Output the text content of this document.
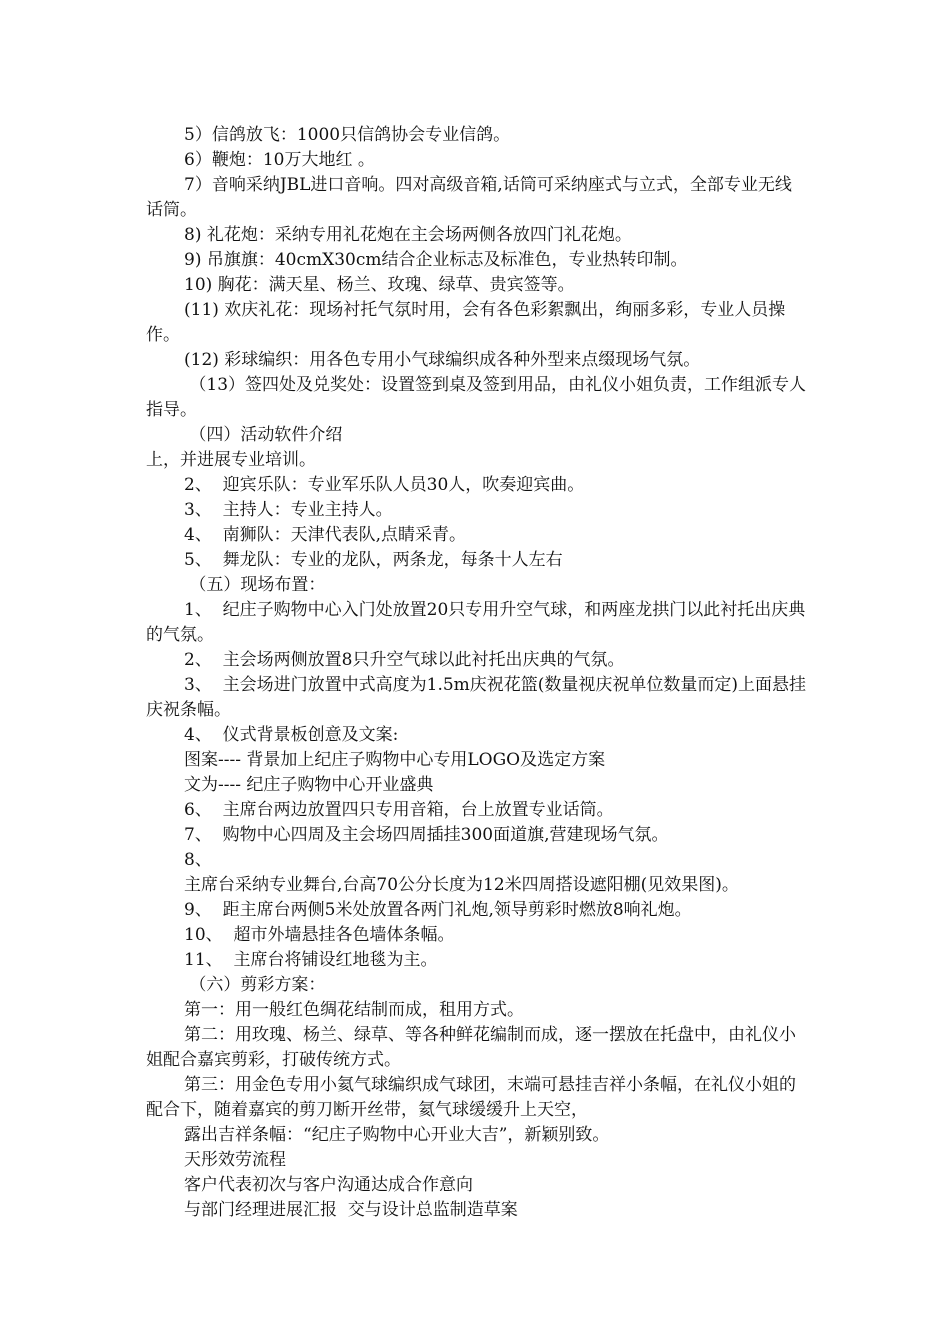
5）信鸽放飞：1000只信鸽协会专业信鸽。

6）鞭炮：10万大地红 。

7）音响采纳JBL进口音响。四对高级音箱,话筒可采纳座式与立式，全部专业无线话筒。

8) 礼花炮：采纳专用礼花炮在主会场两侧各放四门礼花炮。

9) 吊旗旗：40cmX30cm结合企业标志及标准色，专业热转印制。

10) 胸花：满天星、杨兰、玫瑰、绿草、贵宾签等。

(11) 欢庆礼花：现场衬托气氛时用，会有各色彩絮飘出，绚丽多彩，专业人员操作。

(12) 彩球编织：用各色专用小气球编织成各种外型来点缀现场气氛。

（13）签四处及兑奖处：设置签到桌及签到用品，由礼仪小姐负责，工作组派专人指导。

（四）活动软件介绍

上，并进展专业培训。

2、  迎宾乐队：专业军乐队人员30人，吹奏迎宾曲。

3、  主持人：专业主持人。

4、  南狮队：天津代表队,点睛采青。

5、  舞龙队：专业的龙队，两条龙，每条十人左右

（五）现场布置：

1、  纪庄子购物中心入门处放置20只专用升空气球，和两座龙拱门以此衬托出庆典的气氛。

2、  主会场两侧放置8只升空气球以此衬托出庆典的气氛。

3、  主会场进门放置中式高度为1.5m庆祝花篮(数量视庆祝单位数量而定)上面悬挂庆祝条幅。

4、  仪式背景板创意及文案:

图案---- 背景加上纪庄子购物中心专用LOGO及选定方案

文为---- 纪庄子购物中心开业盛典

6、  主席台两边放置四只专用音箱，台上放置专业话筒。

7、  购物中心四周及主会场四周插挂300面道旗,营建现场气氛。

8、

主席台采纳专业舞台,台高70公分长度为12米四周搭设遮阳棚(见效果图)。

9、  距主席台两侧5米处放置各两门礼炮,领导剪彩时燃放8响礼炮。

10、  超市外墙悬挂各色墙体条幅。

11、  主席台将铺设红地毯为主。

（六）剪彩方案：

第一：用一般红色绸花结制而成，租用方式。

第二：用玫瑰、杨兰、绿草、等各种鲜花编制而成，逐一摆放在托盘中，由礼仪小姐配合嘉宾剪彩，打破传统方式。

第三：用金色专用小氦气球编织成气球团，末端可悬挂吉祥小条幅，在礼仪小姐的配合下，随着嘉宾的剪刀断开丝带，氦气球缓缓升上天空，

露出吉祥条幅：“纪庄子购物中心开业大吉”，新颖别致。

天彤效劳流程

客户代表初次与客户沟通达成合作意向

与部门经理进展汇报  交与设计总监制造草案
